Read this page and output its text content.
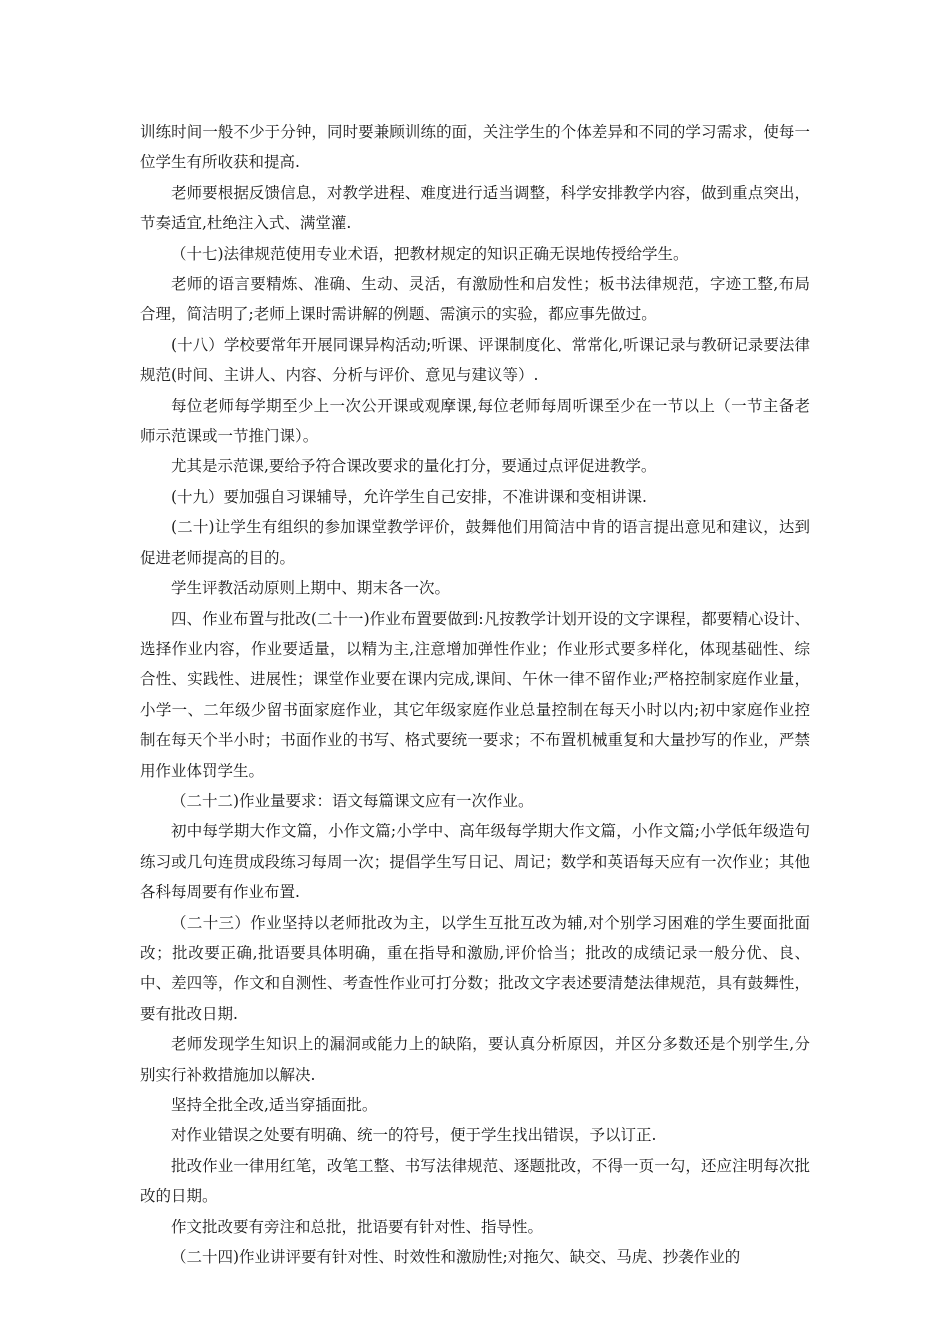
训练时间一般不少于分钟，同时要兼顾训练的面，关注学生的个体差异和不同的学习需求，使每一位学生有所收获和提高.

老师要根据反馈信息，对教学进程、难度进行适当调整，科学安排教学内容，做到重点突出，节奏适宜,杜绝注入式、满堂灌.

（十七)法律规范使用专业术语，把教材规定的知识正确无误地传授给学生。

老师的语言要精炼、准确、生动、灵活，有激励性和启发性；板书法律规范，字迹工整,布局合理，简洁明了;老师上课时需讲解的例题、需演示的实验，都应事先做过。

(十八）学校要常年开展同课异构活动;听课、评课制度化、常常化,听课记录与教研记录要法律规范(时间、主讲人、内容、分析与评价、意见与建议等）.

每位老师每学期至少上一次公开课或观摩课,每位老师每周听课至少在一节以上（一节主备老师示范课或一节推门课）。

尤其是示范课,要给予符合课改要求的量化打分，要通过点评促进教学。

(十九）要加强自习课辅导，允许学生自己安排，不准讲课和变相讲课.

(二十)让学生有组织的参加课堂教学评价，鼓舞他们用简洁中肯的语言提出意见和建议，达到促进老师提高的目的。

学生评教活动原则上期中、期末各一次。

四、作业布置与批改(二十一)作业布置要做到:凡按教学计划开设的文字课程，都要精心设计、选择作业内容，作业要适量，以精为主,注意增加弹性作业；作业形式要多样化，体现基础性、综合性、实践性、进展性；课堂作业要在课内完成,课间、午休一律不留作业;严格控制家庭作业量，小学一、二年级少留书面家庭作业，其它年级家庭作业总量控制在每天小时以内;初中家庭作业控制在每天个半小时；书面作业的书写、格式要统一要求；不布置机械重复和大量抄写的作业，严禁用作业体罚学生。

（二十二)作业量要求：语文每篇课文应有一次作业。

初中每学期大作文篇，小作文篇;小学中、高年级每学期大作文篇，小作文篇;小学低年级造句练习或几句连贯成段练习每周一次；提倡学生写日记、周记；数学和英语每天应有一次作业；其他各科每周要有作业布置.

（二十三）作业坚持以老师批改为主，以学生互批互改为辅,对个别学习困难的学生要面批面改；批改要正确,批语要具体明确，重在指导和激励,评价恰当；批改的成绩记录一般分优、良、中、差四等，作文和自测性、考查性作业可打分数；批改文字表述要清楚法律规范，具有鼓舞性，要有批改日期.

老师发现学生知识上的漏洞或能力上的缺陷，要认真分析原因，并区分多数还是个别学生,分别实行补救措施加以解决.

坚持全批全改,适当穿插面批。

对作业错误之处要有明确、统一的符号，便于学生找出错误，予以订正.

批改作业一律用红笔，改笔工整、书写法律规范、逐题批改，不得一页一勾，还应注明每次批改的日期。

作文批改要有旁注和总批，批语要有针对性、指导性。

（二十四)作业讲评要有针对性、时效性和激励性;对拖欠、缺交、马虎、抄袭作业的
